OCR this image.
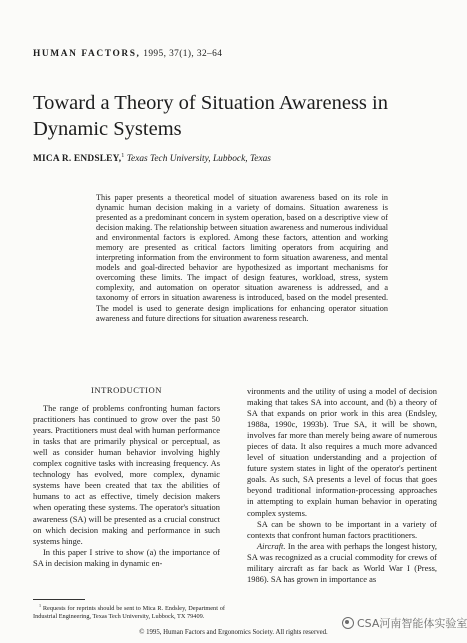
HUMAN FACTORS, 1995, 37(1), 32–64
Toward a Theory of Situation Awareness in Dynamic Systems
MICA R. ENDSLEY,$^1$ Texas Tech University, Lubbock, Texas

This paper presents a theoretical model of situation awareness based on its role in dynamic human decision making in a variety of domains. Situation awareness is presented as a predominant concern in system operation, based on a descriptive view of decision making. The relationship between situation awareness and numerous individual and environmental factors is explored. Among these factors, attention and working memory are presented as critical factors limiting operators from acquiring and interpreting information from the environment to form situation awareness, and mental models and goal-directed behavior are hypothesized as important mechanisms for overcoming these limits. The impact of design features, workload, stress, system complexity, and automation on operator situation awareness is addressed, and a taxonomy of errors in situation awareness is introduced, based on the model presented. The model is used to generate design implications for enhancing operator situation awareness and future directions for situation awareness research.

INTRODUCTION

The range of problems confronting human factors practitioners has continued to grow over the past 50 years. Practitioners must deal with human performance in tasks that are primarily physical or perceptual, as well as consider human behavior involving highly complex cognitive tasks with increasing frequency. As technology has evolved, more complex, dynamic systems have been created that tax the abilities of humans to act as effective, timely decision makers when operating these systems. The operator's situation awareness (SA) will be presented as a crucial construct on which decision making and performance in such systems hinge.

In this paper I strive to show (a) the importance of SA in decision making in dynamic en-

vironments and the utility of using a model of decision making that takes SA into account, and (b) a theory of SA that expands on prior work in this area (Endsley, 1988a, 1990c, 1993b). True SA, it will be shown, involves far more than merely being aware of numerous pieces of data. It also requires a much more advanced level of situation understanding and a projection of future system states in light of the operator's pertinent goals. As such, SA presents a level of focus that goes beyond traditional information-processing approaches in attempting to explain human behavior in operating complex systems.

SA can be shown to be important in a variety of contexts that confront human factors practitioners.

Aircraft. In the area with perhaps the longest history, SA was recognized as a crucial commodity for crews of military aircraft as far back as World War I (Press, 1986). SA has grown in importance as

$^1$ Requests for reprints should be sent to Mica R. Endsley, Department of Industrial Engineering, Texas Tech University, Lubbock, TX 79409.
CSA河南智能体实验室
© 1995, Human Factors and Ergonomics Society. All rights reserved.
